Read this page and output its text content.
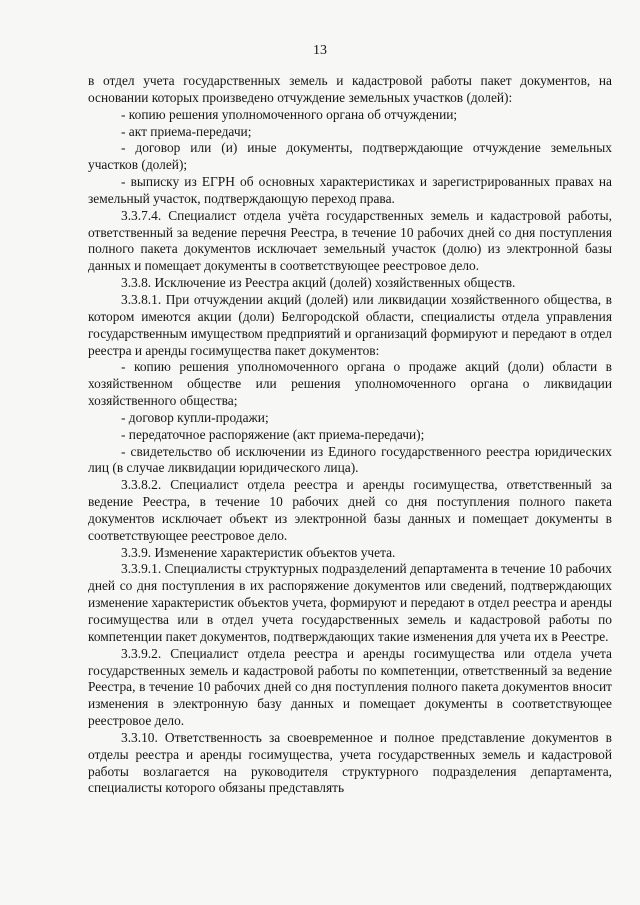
13

в отдел учета государственных земель и кадастровой работы пакет документов, на основании которых произведено отчуждение земельных участков (долей):

- копию решения уполномоченного органа об отчуждении;

- акт приема-передачи;

- договор или (и) иные документы, подтверждающие отчуждение земельных участков (долей);

- выписку из ЕГРН об основных характеристиках и зарегистрированных правах на земельный участок, подтверждающую переход права.

3.3.7.4. Специалист отдела учёта государственных земель и кадастровой работы, ответственный за ведение перечня Реестра, в течение 10 рабочих дней со дня поступления полного пакета документов исключает земельный участок (долю) из электронной базы данных и помещает документы в соответствующее реестровое дело.

3.3.8. Исключение из Реестра акций (долей) хозяйственных обществ.

3.3.8.1. При отчуждении акций (долей) или ликвидации хозяйственного общества, в котором имеются акции (доли) Белгородской области, специалисты отдела управления государственным имуществом предприятий и организаций формируют и передают в отдел реестра и аренды госимущества пакет документов:

- копию решения уполномоченного органа о продаже акций (доли) области в хозяйственном обществе или решения уполномоченного органа о ликвидации хозяйственного общества;

- договор купли-продажи;

- передаточное распоряжение (акт приема-передачи);

- свидетельство об исключении из Единого государственного реестра юридических лиц (в случае ликвидации юридического лица).

3.3.8.2. Специалист отдела реестра и аренды госимущества, ответственный за ведение Реестра, в течение 10 рабочих дней со дня поступления полного пакета документов исключает объект из электронной базы данных и помещает документы в соответствующее реестровое дело.

3.3.9. Изменение характеристик объектов учета.

3.3.9.1. Специалисты структурных подразделений департамента в течение 10 рабочих дней со дня поступления в их распоряжение документов или сведений, подтверждающих изменение характеристик объектов учета, формируют и передают в отдел реестра и аренды госимущества или в отдел учета государственных земель и кадастровой работы по компетенции пакет документов, подтверждающих такие изменения для учета их в Реестре.

3.3.9.2. Специалист отдела реестра и аренды госимущества или отдела учета государственных земель и кадастровой работы по компетенции, ответственный за ведение Реестра, в течение 10 рабочих дней со дня поступления полного пакета документов вносит изменения в электронную базу данных и помещает документы в соответствующее реестровое дело.

3.3.10. Ответственность за своевременное и полное представление документов в отделы реестра и аренды госимущества, учета государственных земель и кадастровой работы возлагается на руководителя структурного подразделения департамента, специалисты которого обязаны представлять
